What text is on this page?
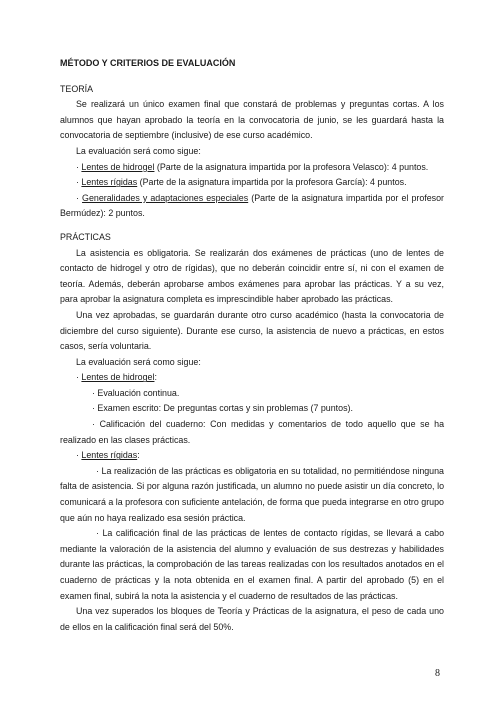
MÉTODO Y CRITERIOS DE EVALUACIÓN

TEORÍA

Se realizará un único examen final que constará de problemas y preguntas cortas. A los alumnos que hayan aprobado la teoría en la convocatoria de junio, se les guardará hasta la convocatoria de septiembre (inclusive) de ese curso académico.

La evaluación será como sigue:

· Lentes de hidrogel (Parte de la asignatura impartida por la profesora Velasco): 4 puntos.

· Lentes rígidas (Parte de la asignatura impartida por la profesora García): 4 puntos.

· Generalidades y adaptaciones especiales (Parte de la asignatura impartida por el profesor Bermúdez): 2 puntos.

PRÁCTICAS

La asistencia es obligatoria. Se realizarán dos exámenes de prácticas (uno de lentes de contacto de hidrogel y otro de rígidas), que no deberán coincidir entre sí, ni con el examen de teoría. Además, deberán aprobarse ambos exámenes para aprobar las prácticas. Y a su vez, para aprobar la asignatura completa es imprescindible haber aprobado las prácticas.

Una vez aprobadas, se guardarán durante otro curso académico (hasta la convocatoria de diciembre del curso siguiente). Durante ese curso, la asistencia de nuevo a prácticas, en estos casos, sería voluntaria.

La evaluación será como sigue:

· Lentes de hidrogel:

· Evaluación continua.

· Examen escrito: De preguntas cortas y sin problemas (7 puntos).

· Calificación del cuaderno: Con medidas y comentarios de todo aquello que se ha realizado en las clases prácticas.

· Lentes rígidas:

· La realización de las prácticas es obligatoria en su totalidad, no permitiéndose ninguna falta de asistencia. Si por alguna razón justificada, un alumno no puede asistir un día concreto, lo comunicará a la profesora con suficiente antelación, de forma que pueda integrarse en otro grupo que aún no haya realizado esa sesión práctica.

· La calificación final de las prácticas de lentes de contacto rígidas, se llevará a cabo mediante la valoración de la asistencia del alumno y evaluación de sus destrezas y habilidades durante las prácticas, la comprobación de las tareas realizadas con los resultados anotados en el cuaderno de prácticas y la nota obtenida en el examen final. A partir del aprobado (5) en el examen final, subirá la nota la asistencia y el cuaderno de resultados de las prácticas.

Una vez superados los bloques de Teoría y Prácticas de la asignatura, el peso de cada uno de ellos en la calificación final será del 50%.

8
